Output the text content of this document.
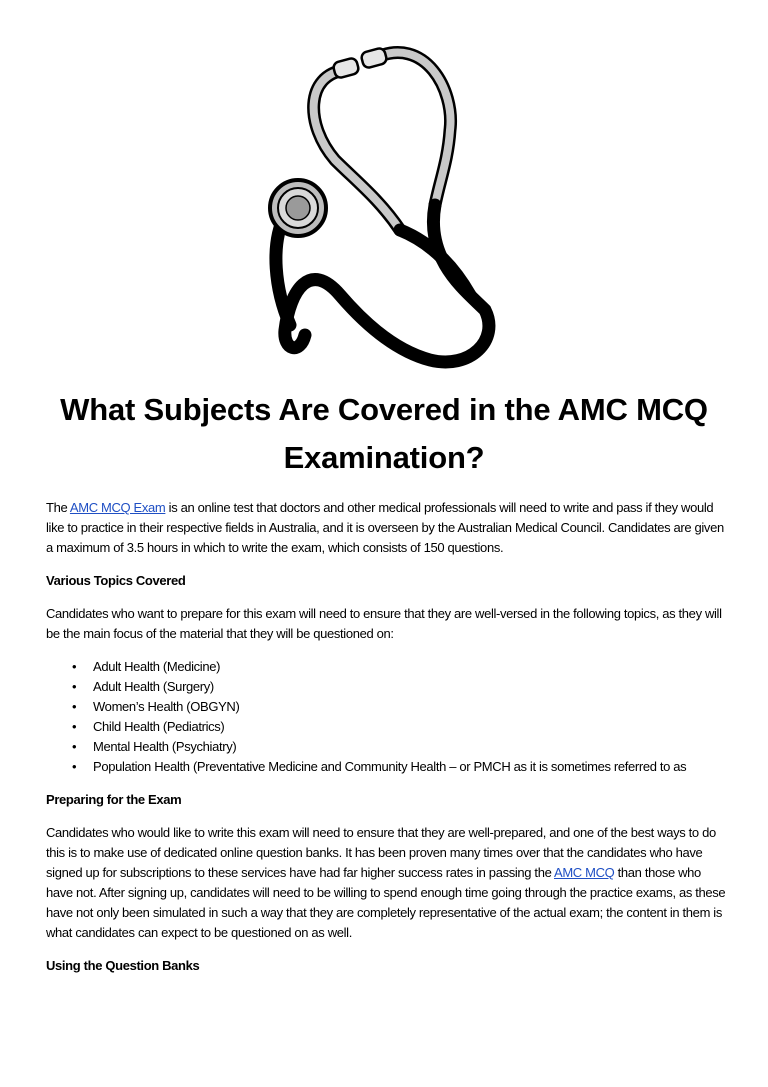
What Subjects Are Covered in the AMC MCQ
Examination?

The AMC MCQ Exam is an online test that doctors and other medical professionals will need to write and pass if they would like to practice in their respective fields in Australia, and it is overseen by the Australian Medical Council. Candidates are given a maximum of 3.5 hours in which to write the exam, which consists of 150 questions.

Various Topics Covered

Candidates who want to prepare for this exam will need to ensure that they are well-versed in the following topics, as they will be the main focus of the material that they will be questioned on:

• Adult Health (Medicine)
• Adult Health (Surgery)
• Women’s Health (OBGYN)
• Child Health (Pediatrics)
• Mental Health (Psychiatry)
• Population Health (Preventative Medicine and Community Health – or PMCH as it is sometimes referred to as

Preparing for the Exam

Candidates who would like to write this exam will need to ensure that they are well-prepared, and one of the best ways to do this is to make use of dedicated online question banks. It has been proven many times over that the candidates who have signed up for subscriptions to these services have had far higher success rates in passing the AMC MCQ than those who have not. After signing up, candidates will need to be willing to spend enough time going through the practice exams, as these have not only been simulated in such a way that they are completely representative of the actual exam; the content in them is what candidates can expect to be questioned on as well.

Using the Question Banks
